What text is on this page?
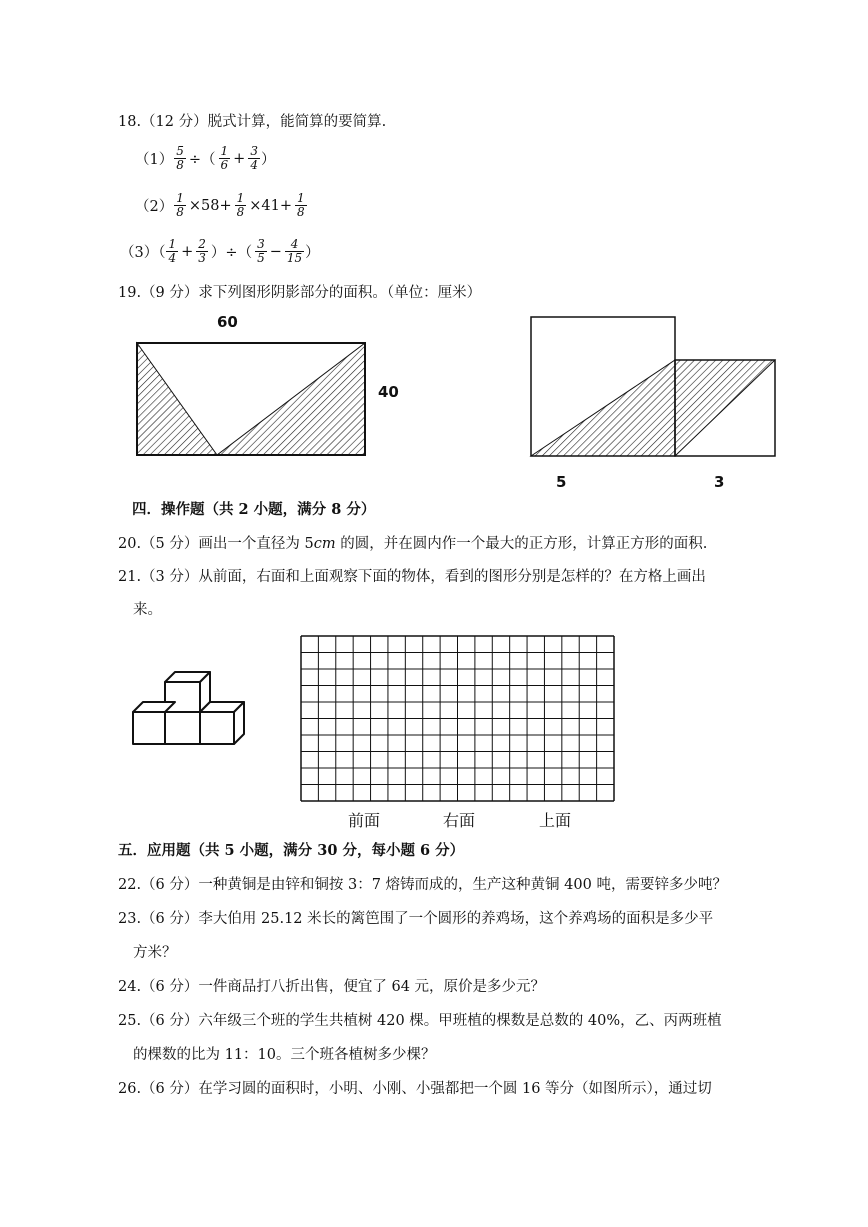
18.（12 分）脱式计算，能简算的要简算.
$(1) \frac{5}{8}$ ÷（ $\frac{1}{6} + \frac{3}{4}$ ）
$(2) \frac{1}{8} \times 58+ \frac{1}{8} \times 41+ \frac{1}{8}$
$(3)( \frac{1}{4} + \frac{2}{3}$ ）÷（ $\frac{3}{5} - \frac{4}{15}$ ）
19.（9 分）求下列图形阴影部分的面积。（单位：厘米）
60
40
5	3
四．操作题（共 2 小题，满分 8 分）
20.（5 分）画出一个直径为 5cm 的圆，并在圆内作一个最大的正方形，计算正方形的面积.
21.（3 分）从前面，右面和上面观察下面的物体，看到的图形分别是怎样的？在方格上画出
来。
前面	右面	上面
五．应用题（共 5 小题，满分 30 分，每小题 6 分）
22.（6 分）一种黄铜是由锌和铜按 3：7 熔铸而成的，生产这种黄铜 400 吨，需要锌多少吨？
23.（6 分）李大伯用 25.12 米长的篱笆围了一个圆形的养鸡场，这个养鸡场的面积是多少平
方米？
24.（6 分）一件商品打八折出售，便宜了 64 元，原价是多少元？
25.（6 分）六年级三个班的学生共植树 420 棵。甲班植的棵数是总数的 40%，乙、丙两班植
的棵数的比为 11：10。三个班各植树多少棵？
26.（6 分）在学习圆的面积时，小明、小刚、小强都把一个圆 16 等分（如图所示），通过切
